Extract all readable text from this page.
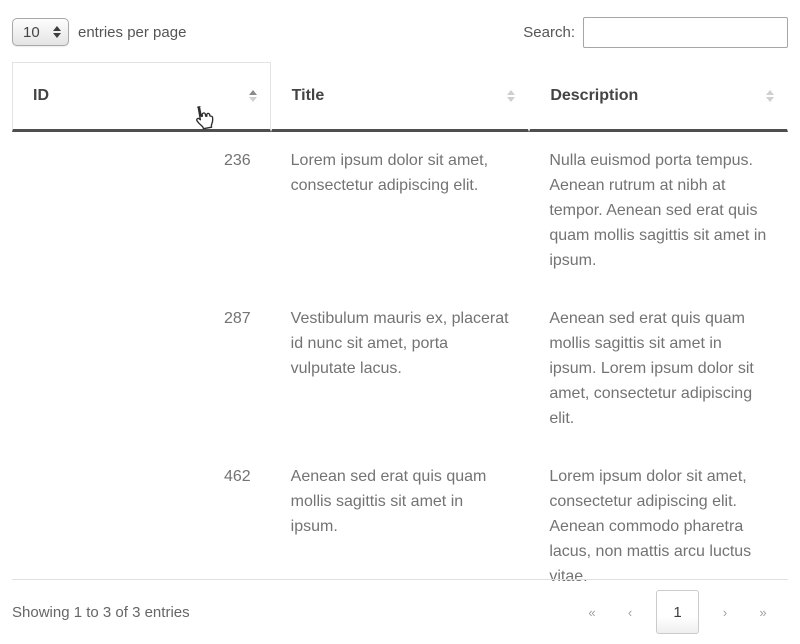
10
entries per page	Search:
ID	Title	Description

236	Lorem ipsum dolor sit amet, consectetur adipiscing elit.	Nulla euismod porta tempus. Aenean rutrum at nibh at tempor. Aenean sed erat quis quam mollis sagittis sit amet in ipsum.
287	Vestibulum mauris ex, placerat id nunc sit amet, porta vulputate lacus.	Aenean sed erat quis quam mollis sagittis sit amet in ipsum. Lorem ipsum dolor sit amet, consectetur adipiscing elit.
462	Aenean sed erat quis quam mollis sagittis sit amet in ipsum.	Lorem ipsum dolor sit amet, consectetur adipiscing elit. Aenean commodo pharetra lacus, non mattis arcu luctus vitae.
Showing 1 to 3 of 3 entries	«	‹	1	›	»
